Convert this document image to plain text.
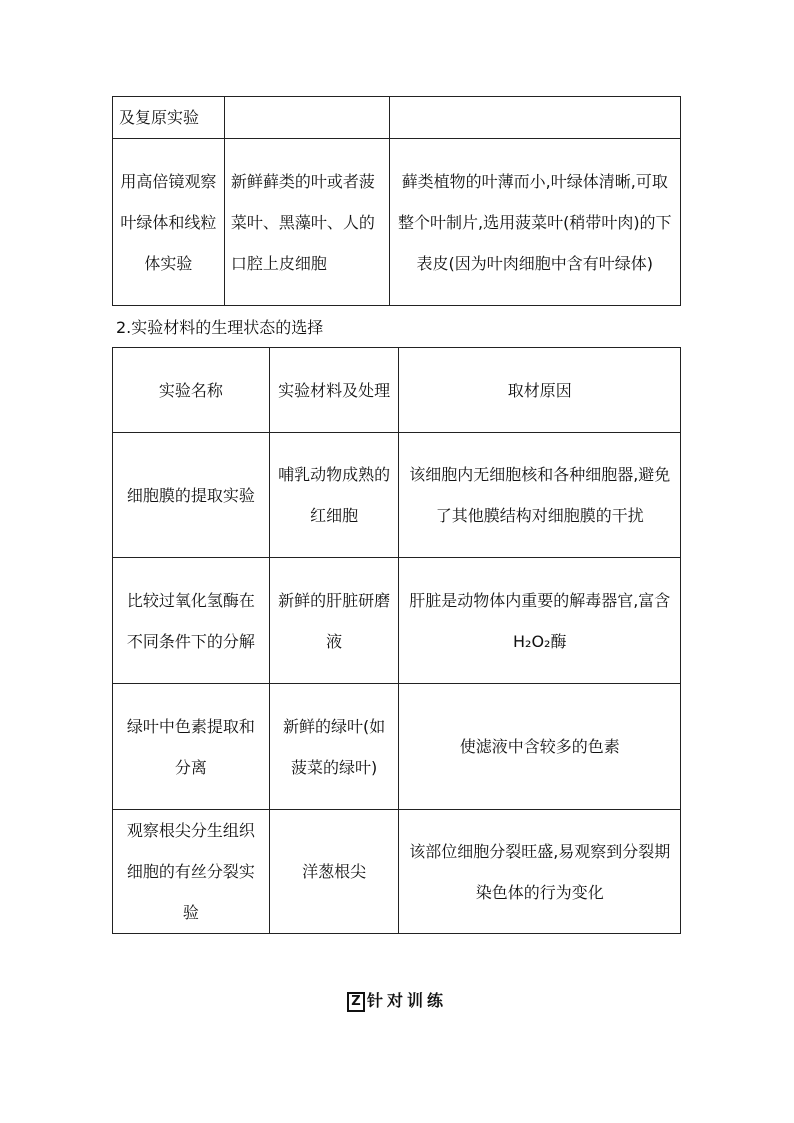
及复原实验		
用高倍镜观察叶绿体和线粒体实验	新鲜藓类的叶或者菠菜叶、黑藻叶、人的口腔上皮细胞	藓类植物的叶薄而小,叶绿体清晰,可取整个叶制片,选用菠菜叶(稍带叶肉)的下表皮(因为叶肉细胞中含有叶绿体)
2.实验材料的生理状态的选择
实验名称	实验材料及处理	取材原因
细胞膜的提取实验	哺乳动物成熟的红细胞	该细胞内无细胞核和各种细胞器,避免了其他膜结构对细胞膜的干扰
比较过氧化氢酶在不同条件下的分解	新鲜的肝脏研磨液	肝脏是动物体内重要的解毒器官,富含H₂O₂酶
绿叶中色素提取和分离	新鲜的绿叶(如菠菜的绿叶)	使滤液中含较多的色素
观察根尖分生组织细胞的有丝分裂实验	洋葱根尖	该部位细胞分裂旺盛,易观察到分裂期染色体的行为变化
Z 针对训练
